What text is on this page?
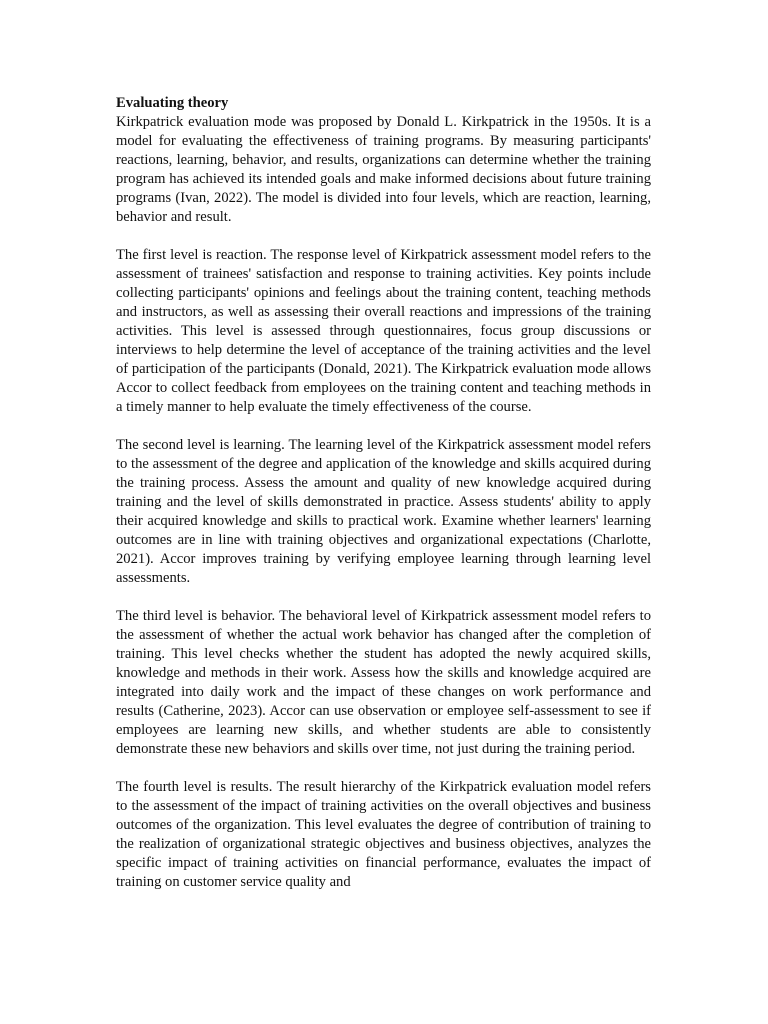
Evaluating theory

Kirkpatrick evaluation mode was proposed by Donald L. Kirkpatrick in the 1950s. It is a model for evaluating the effectiveness of training programs. By measuring participants' reactions, learning, behavior, and results, organizations can determine whether the training program has achieved its intended goals and make informed decisions about future training programs (Ivan, 2022). The model is divided into four levels, which are reaction, learning, behavior and result.

The first level is reaction. The response level of Kirkpatrick assessment model refers to the assessment of trainees' satisfaction and response to training activities. Key points include collecting participants' opinions and feelings about the training content, teaching methods and instructors, as well as assessing their overall reactions and impressions of the training activities. This level is assessed through questionnaires, focus group discussions or interviews to help determine the level of acceptance of the training activities and the level of participation of the participants (Donald, 2021). The Kirkpatrick evaluation mode allows Accor to collect feedback from employees on the training content and teaching methods in a timely manner to help evaluate the timely effectiveness of the course.

The second level is learning. The learning level of the Kirkpatrick assessment model refers to the assessment of the degree and application of the knowledge and skills acquired during the training process. Assess the amount and quality of new knowledge acquired during training and the level of skills demonstrated in practice. Assess students' ability to apply their acquired knowledge and skills to practical work. Examine whether learners' learning outcomes are in line with training objectives and organizational expectations (Charlotte, 2021). Accor improves training by verifying employee learning through learning level assessments.

The third level is behavior. The behavioral level of Kirkpatrick assessment model refers to the assessment of whether the actual work behavior has changed after the completion of training. This level checks whether the student has adopted the newly acquired skills, knowledge and methods in their work. Assess how the skills and knowledge acquired are integrated into daily work and the impact of these changes on work performance and results (Catherine, 2023). Accor can use observation or employee self-assessment to see if employees are learning new skills, and whether students are able to consistently demonstrate these new behaviors and skills over time, not just during the training period.

The fourth level is results. The result hierarchy of the Kirkpatrick evaluation model refers to the assessment of the impact of training activities on the overall objectives and business outcomes of the organization. This level evaluates the degree of contribution of training to the realization of organizational strategic objectives and business objectives, analyzes the specific impact of training activities on financial performance, evaluates the impact of training on customer service quality and
